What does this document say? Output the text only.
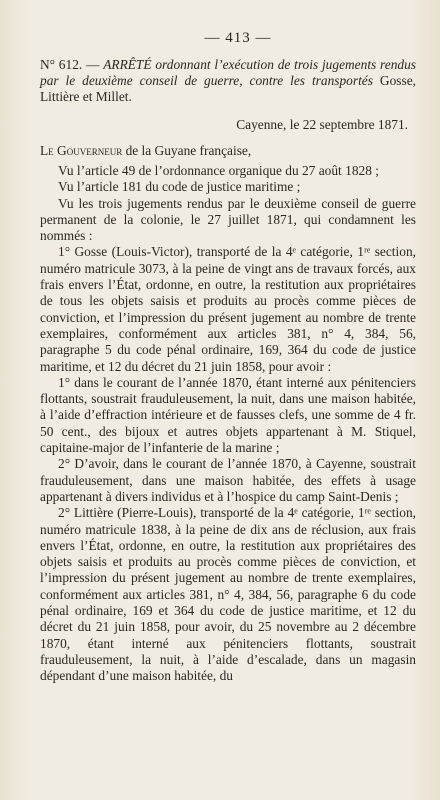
— 413 —
N° 612. — ARRÊTÉ ordonnant l’exécution de trois jugements rendus par le deuxième conseil de guerre, contre les transportés Gosse, Littière et Millet.
Cayenne, le 22 septembre 1871.
Le Gouverneur de la Guyane française,

Vu l’article 49 de l’ordonnance organique du 27 août 1828 ;

Vu l’article 181 du code de justice maritime ;

Vu les trois jugements rendus par le deuxième conseil de guerre permanent de la colonie, le 27 juillet 1871, qui condamnent les nommés :

1° Gosse (Louis-Victor), transporté de la 4ᵉ catégorie, 1ʳᵉ section, numéro matricule 3073, à la peine de vingt ans de travaux forcés, aux frais envers l’État, ordonne, en outre, la restitution aux propriétaires de tous les objets saisis et produits au procès comme pièces de conviction, et l’impression du présent jugement au nombre de trente exemplaires, conformément aux articles 381, n° 4, 384, 56, paragraphe 5 du code pénal ordinaire, 169, 364 du code de justice maritime, et 12 du décret du 21 juin 1858, pour avoir :

1° dans le courant de l’année 1870, étant interné aux pénitenciers flottants, soustrait frauduleusement, la nuit, dans une maison habitée, à l’aide d’effraction intérieure et de fausses clefs, une somme de 4 fr. 50 cent., des bijoux et autres objets appartenant à M. Stiquel, capitaine-major de l’infanterie de la marine ;

2° D’avoir, dans le courant de l’année 1870, à Cayenne, soustrait frauduleusement, dans une maison habitée, des effets à usage appartenant à divers individus et à l’hospice du camp Saint-Denis ;

2° Littière (Pierre-Louis), transporté de la 4ᵉ catégorie, 1ʳᵉ section, numéro matricule 1838, à la peine de dix ans de réclusion, aux frais envers l’État, ordonne, en outre, la restitution aux propriétaires des objets saisis et produits au procès comme pièces de conviction, et l’impression du présent jugement au nombre de trente exemplaires, conformément aux articles 381, n° 4, 384, 56, paragraphe 6 du code pénal ordinaire, 169 et 364 du code de justice maritime, et 12 du décret du 21 juin 1858, pour avoir, du 25 novembre au 2 décembre 1870, étant interné aux pénitenciers flottants, soustrait frauduleusement, la nuit, à l’aide d’escalade, dans un magasin dépendant d’une maison habitée, du
